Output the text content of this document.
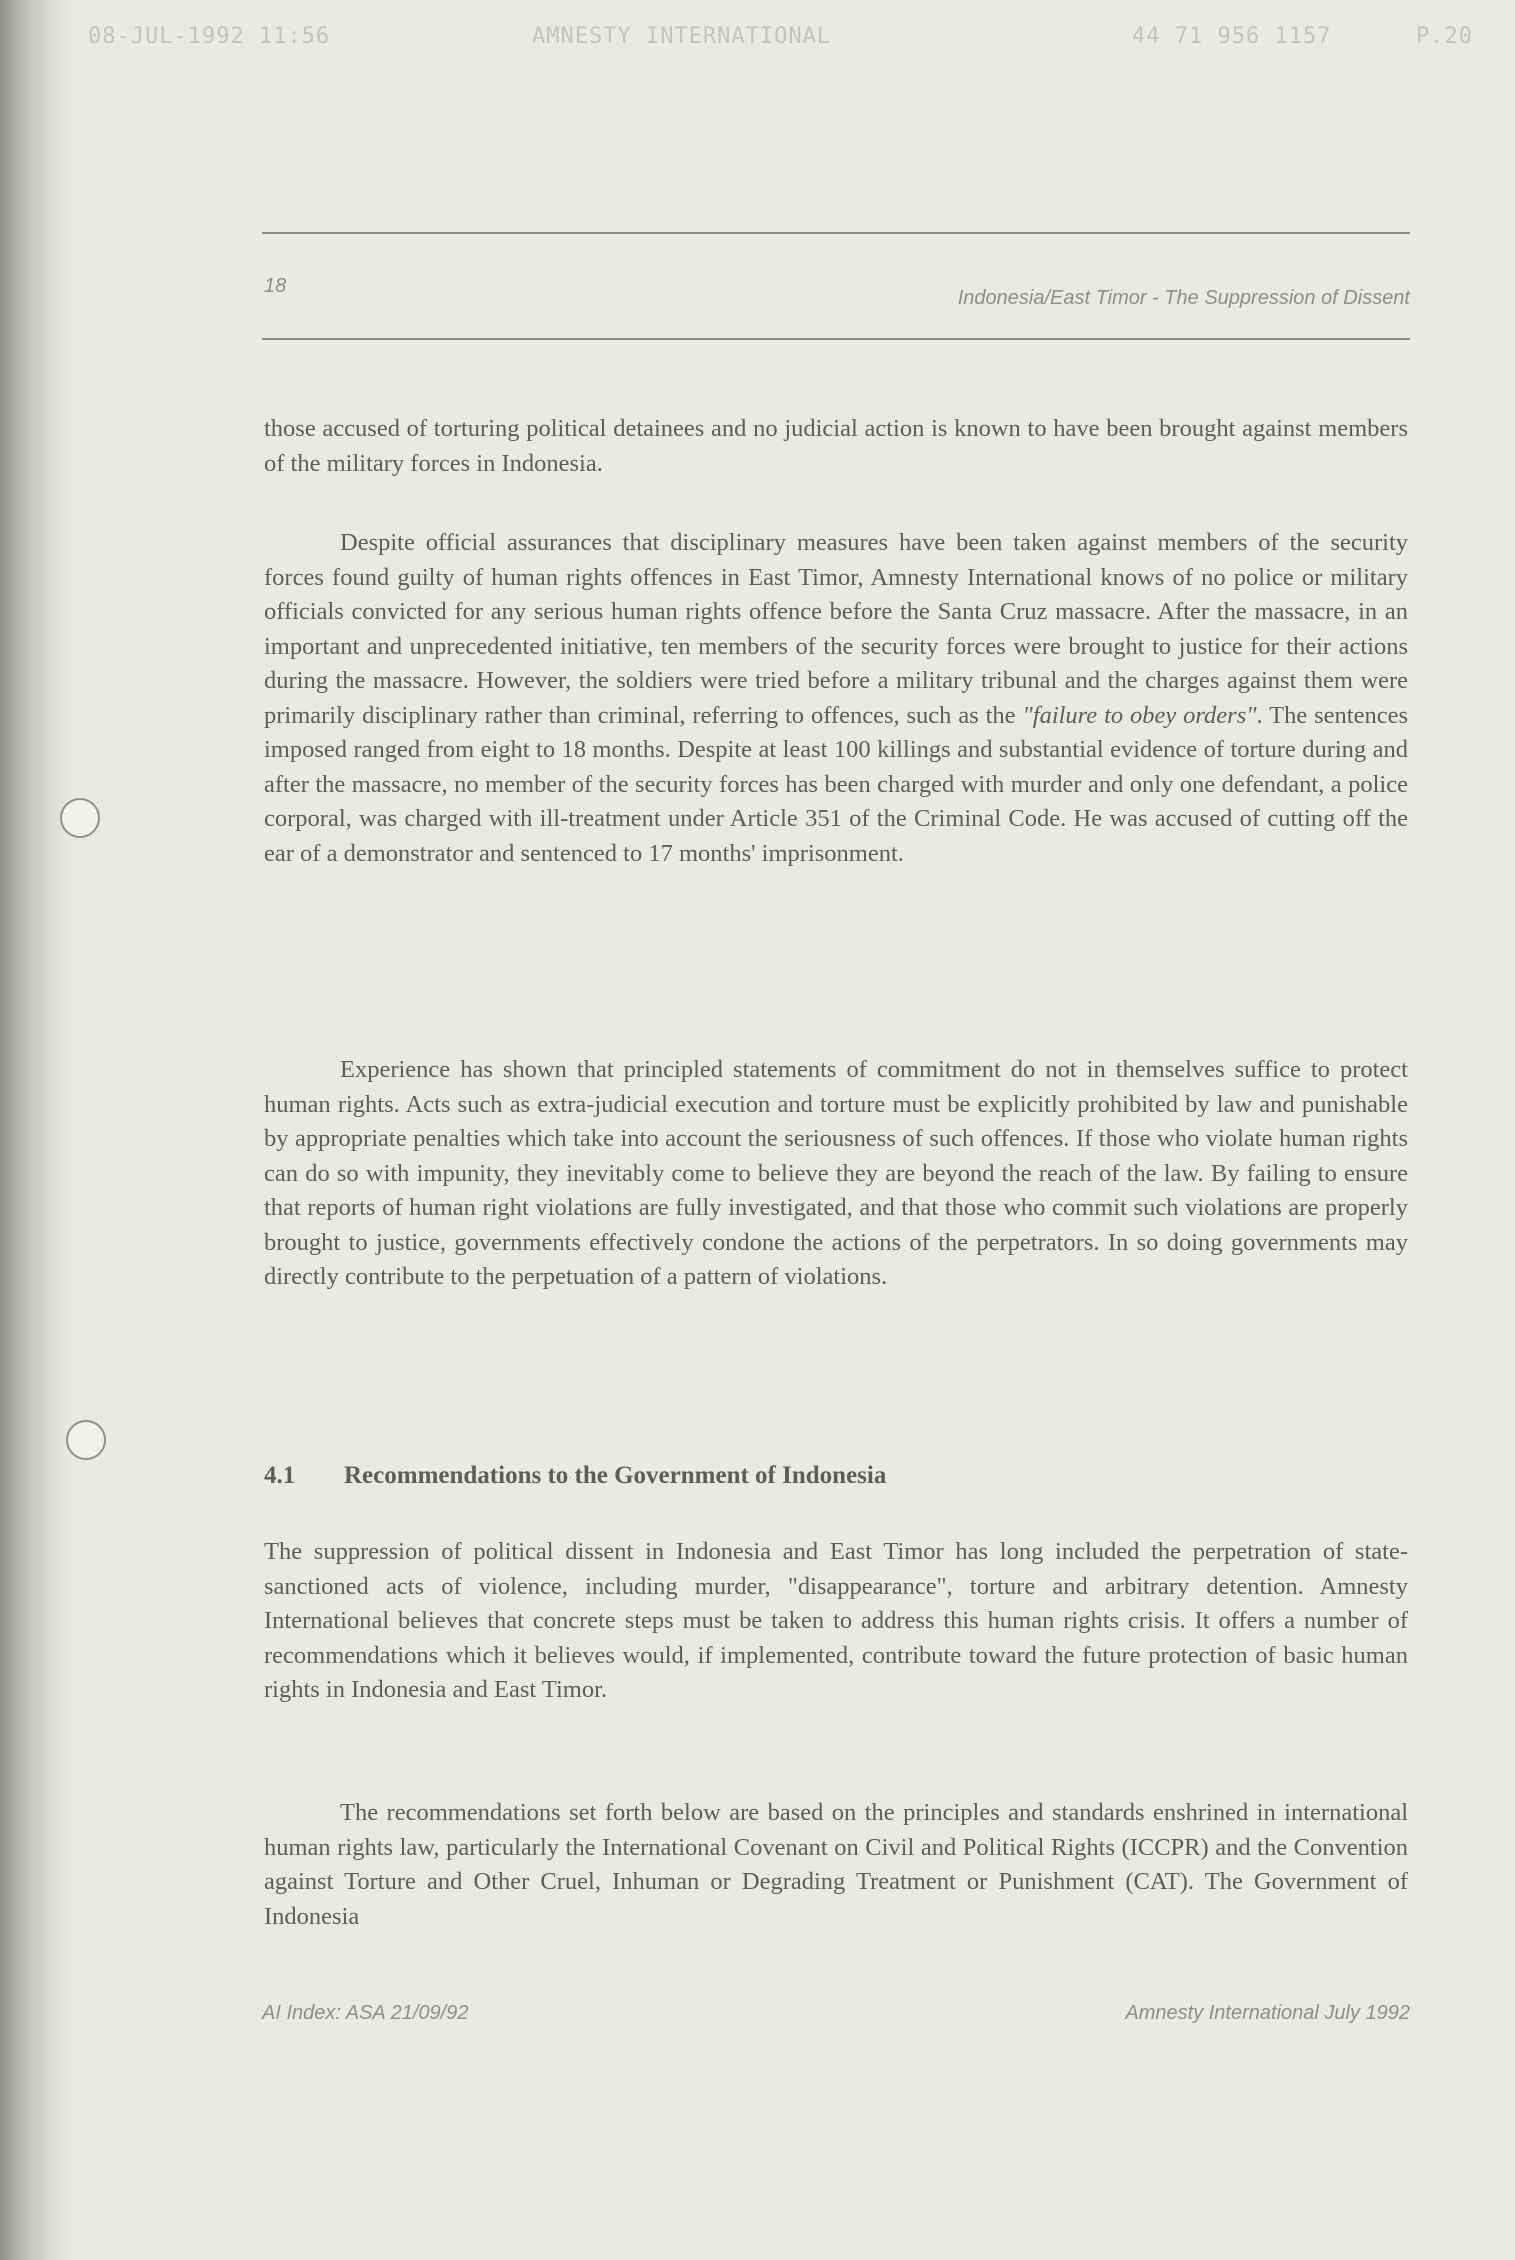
08-JUL-1992 11:56	AMNESTY INTERNATIONAL	44 71 956 1157	P.20
18
Indonesia/East Timor - The Suppression of Dissent
those accused of torturing political detainees and no judicial action is known to have been brought against members of the military forces in Indonesia.
Despite official assurances that disciplinary measures have been taken against members of the security forces found guilty of human rights offences in East Timor, Amnesty International knows of no police or military officials convicted for any serious human rights offence before the Santa Cruz massacre. After the massacre, in an important and unprecedented initiative, ten members of the security forces were brought to justice for their actions during the massacre. However, the soldiers were tried before a military tribunal and the charges against them were primarily disciplinary rather than criminal, referring to offences, such as the "failure to obey orders". The sentences imposed ranged from eight to 18 months. Despite at least 100 killings and substantial evidence of torture during and after the massacre, no member of the security forces has been charged with murder and only one defendant, a police corporal, was charged with ill-treatment under Article 351 of the Criminal Code. He was accused of cutting off the ear of a demonstrator and sentenced to 17 months' imprisonment.
Experience has shown that principled statements of commitment do not in themselves suffice to protect human rights. Acts such as extra-judicial execution and torture must be explicitly prohibited by law and punishable by appropriate penalties which take into account the seriousness of such offences. If those who violate human rights can do so with impunity, they inevitably come to believe they are beyond the reach of the law. By failing to ensure that reports of human right violations are fully investigated, and that those who commit such violations are properly brought to justice, governments effectively condone the actions of the perpetrators. In so doing governments may directly contribute to the perpetuation of a pattern of violations.
4.1 Recommendations to the Government of Indonesia
The suppression of political dissent in Indonesia and East Timor has long included the perpetration of state-sanctioned acts of violence, including murder, "disappearance", torture and arbitrary detention. Amnesty International believes that concrete steps must be taken to address this human rights crisis. It offers a number of recommendations which it believes would, if implemented, contribute toward the future protection of basic human rights in Indonesia and East Timor.
The recommendations set forth below are based on the principles and standards enshrined in international human rights law, particularly the International Covenant on Civil and Political Rights (ICCPR) and the Convention against Torture and Other Cruel, Inhuman or Degrading Treatment or Punishment (CAT). The Government of Indonesia
AI Index: ASA 21/09/92	Amnesty International July 1992
